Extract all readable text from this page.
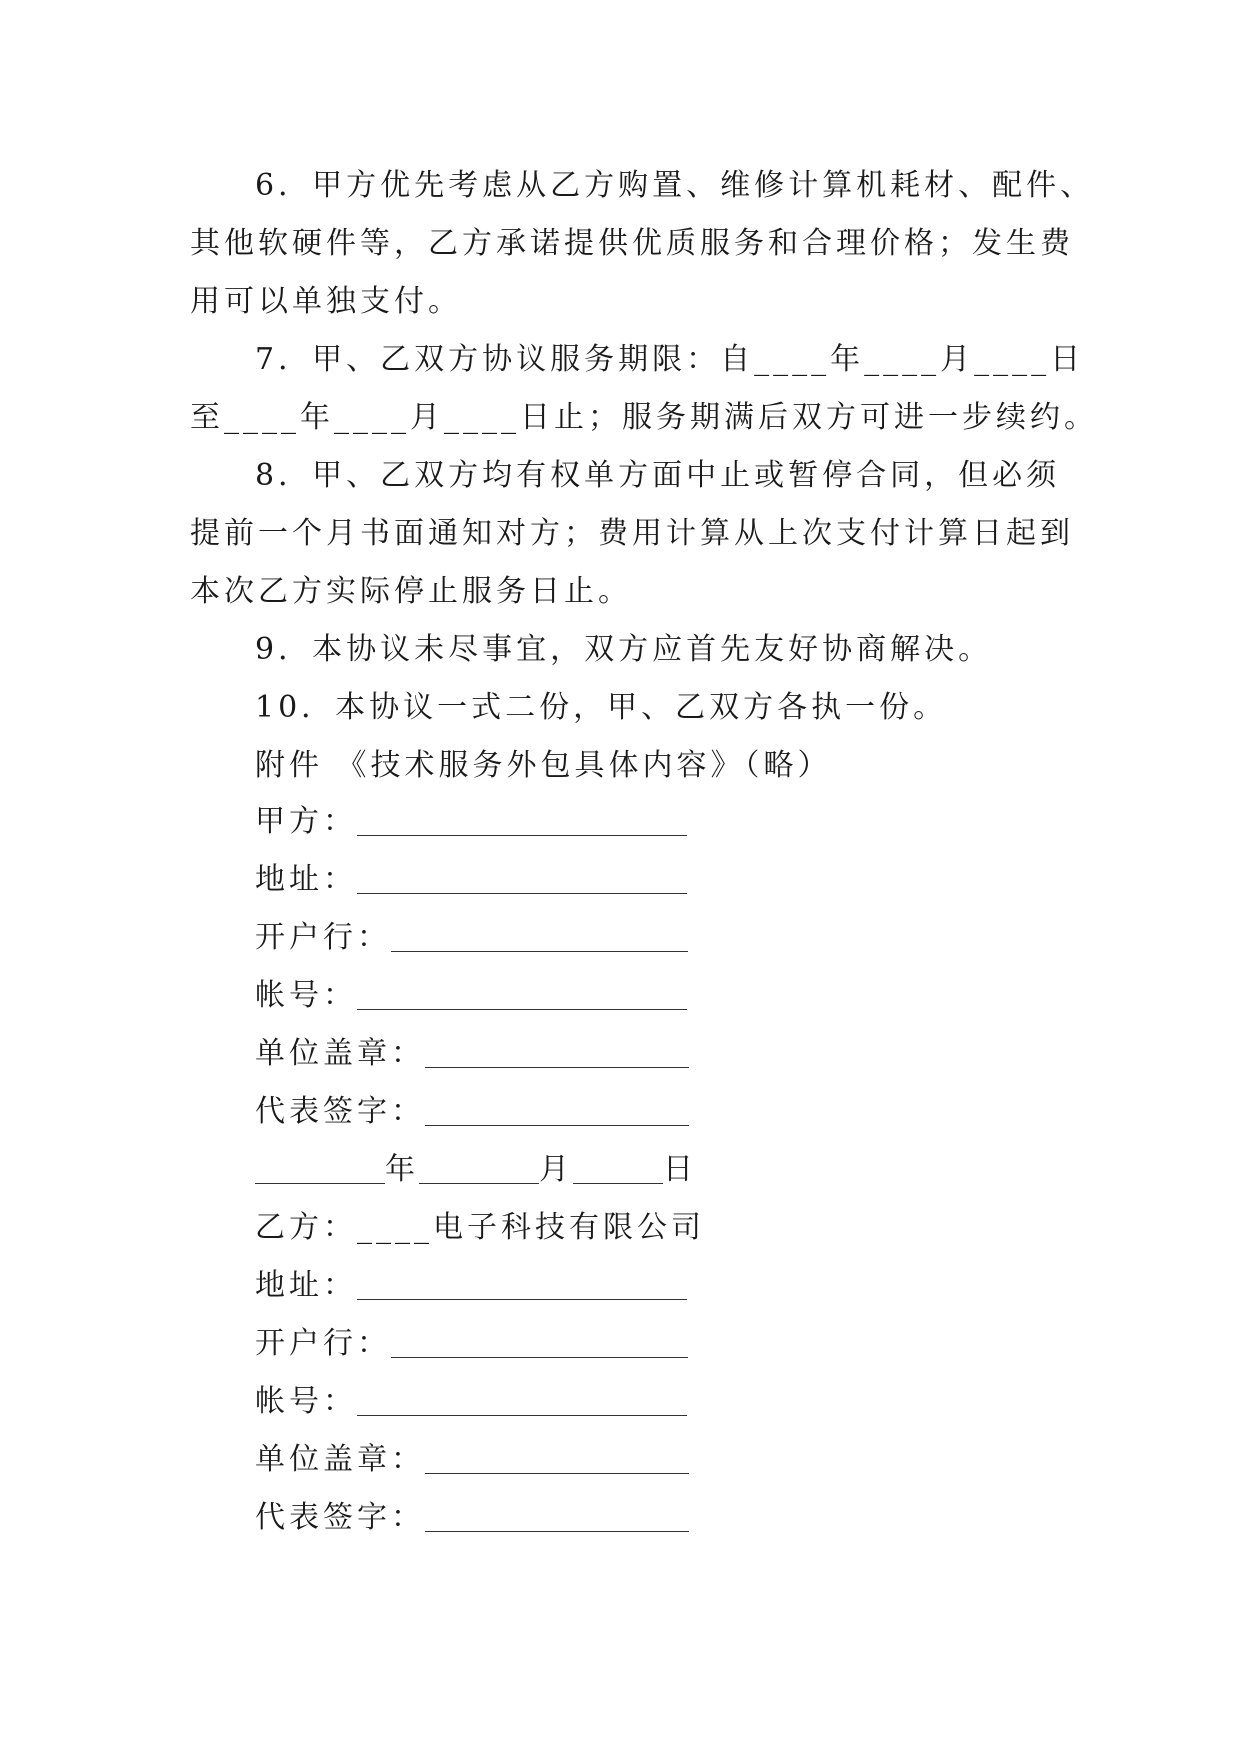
6．甲方优先考虑从乙方购置、维修计算机耗材、配件、
其他软硬件等，乙方承诺提供优质服务和合理价格；发生费
用可以单独支付。
7．甲、乙双方协议服务期限：自____年____月____日
至____年____月____日止；服务期满后双方可进一步续约。
8．甲、乙双方均有权单方面中止或暂停合同，但必须
提前一个月书面通知对方；费用计算从上次支付计算日起到
本次乙方实际停止服务日止。
9．本协议未尽事宜，双方应首先友好协商解决。
10．本协议一式二份，甲、乙双方各执一份。
附件 《技术服务外包具体内容》（略）
甲方：
地址：
开户行：
帐号：
单位盖章：
代表签字：
年	月	日
乙方： ____电子科技有限公司
地址：
开户行：
帐号：
单位盖章：
代表签字：
